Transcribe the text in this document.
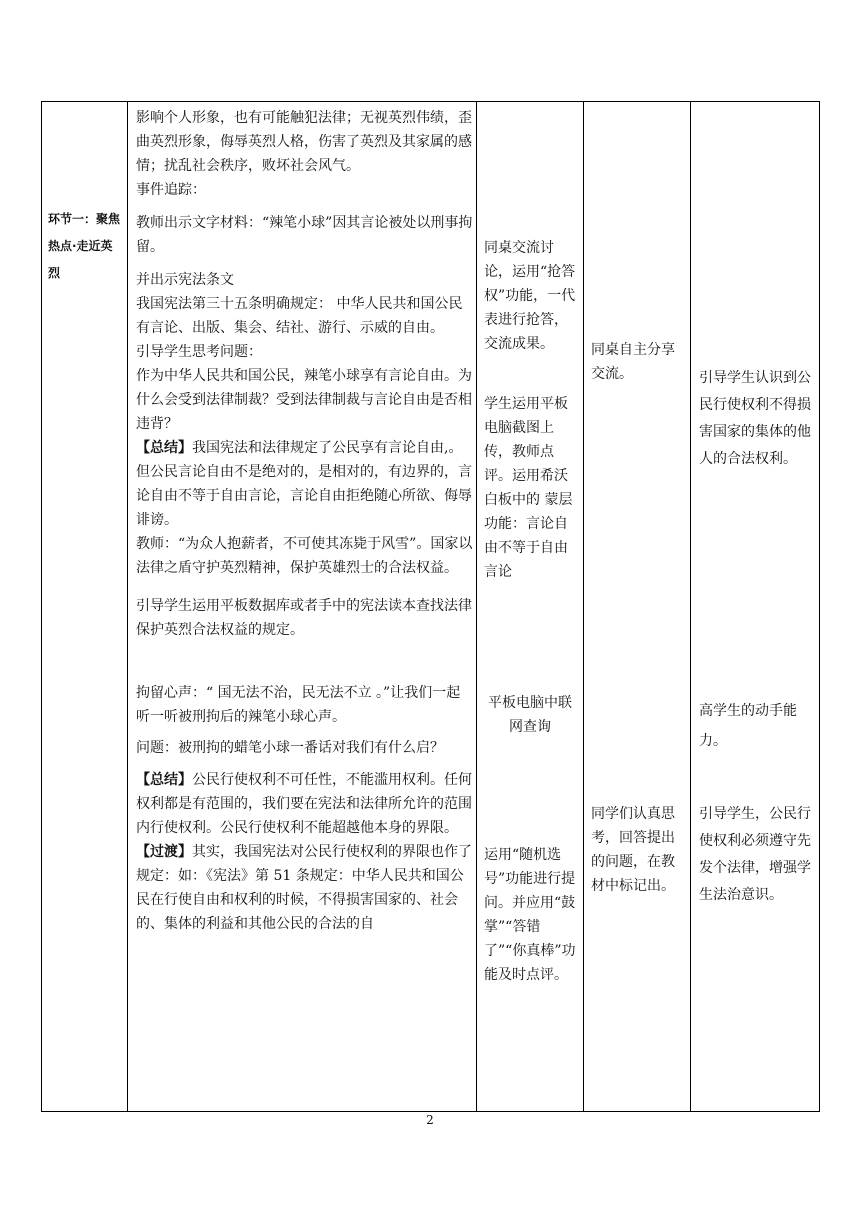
环节一：聚焦热点·走近英烈

影响个人形象，也有可能触犯法律；无视英烈伟绩，歪曲英烈形象，侮辱英烈人格，伤害了英烈及其家属的感情；扰乱社会秩序，败坏社会风气。

事件追踪：

教师出示文字材料：“辣笔小球”因其言论被处以刑事拘留。

并出示宪法条文

我国宪法第三十五条明确规定： 中华人民共和国公民有言论、出版、集会、结社、游行、示威的自由。

引导学生思考问题：

作为中华人民共和国公民，辣笔小球享有言论自由。为什么会受到法律制裁？受到法律制裁与言论自由是否相违背？

【总结】我国宪法和法律规定了公民享有言论自由,。但公民言论自由不是绝对的，是相对的，有边界的，言论自由不等于自由言论，言论自由拒绝随心所欲、侮辱诽谤。

教师：“为众人抱薪者，不可使其冻毙于风雪”。国家以法律之盾守护英烈精神，保护英雄烈士的合法权益。

引导学生运用平板数据库或者手中的宪法读本查找法律保护英烈合法权益的规定。

拘留心声：“ 国无法不治，民无法不立 。”让我们一起听一听被刑拘后的辣笔小球心声。

问题：被刑拘的蜡笔小球一番话对我们有什么启？

【总结】公民行使权利不可任性，不能滥用权利。任何权利都是有范围的，我们要在宪法和法律所允许的范围内行使权利。公民行使权利不能超越他本身的界限。

【过渡】其实，我国宪法对公民行使权利的界限也作了规定：如：《宪法》第 51 条规定：中华人民共和国公民在行使自由和权利的时候，不得损害国家的、社会的、集体的利益和其他公民的合法的自

同桌交流讨论，运用“抢答权”功能，一代表进行抢答，交流成果。
学生运用平板电脑截图上传，教师点评。运用希沃白板中的 蒙层 功能：言论自由不等于自由言论
平板电脑中联网查询
运用“随机选号”功能进行提问。并应用“鼓掌”“答错了”“你真棒”功能及时点评。
同桌自主分享交流。
同学们认真思考，回答提出的问题，在教材中标记出。
引导学生认识到公民行使权利不得损害国家的集体的他人的合法权利。
高学生的动手能力。
引导学生，公民行使权利必须遵守先发个法律，增强学生法治意识。
2
